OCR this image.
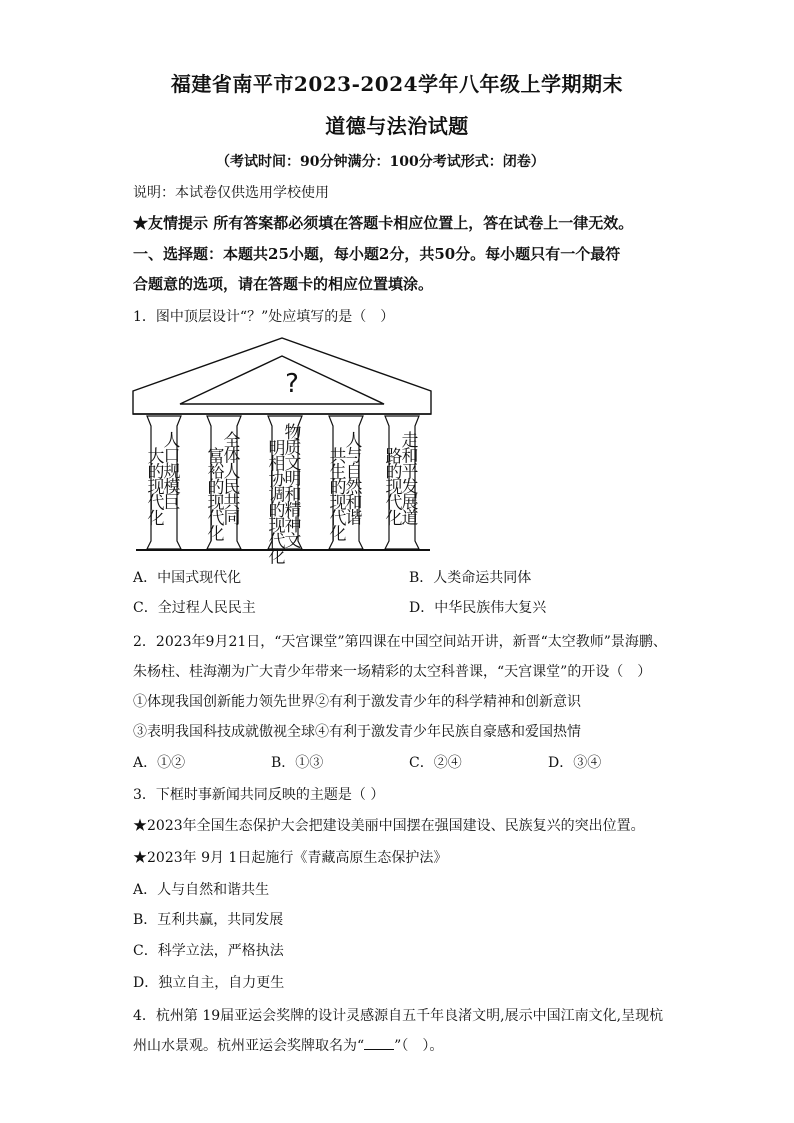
福建省南平市2023-2024学年八年级上学期期末
道德与法治试题
（考试时间：90分钟满分：100分考试形式：闭卷）
说明：本试卷仅供选用学校使用
★友情提示 所有答案都必须填在答题卡相应位置上，答在试卷上一律无效。
一、选择题：本题共25小题，每小题2分，共50分。每小题只有一个最符
合题意的选项，请在答题卡的相应位置填涂。
1．图中顶层设计“？”处应填写的是（　）
?
人口规模巨
大的现代化
全体人民共同
富裕的现代化
物质文明和精神文
明相协调的现代化
人与自然和谐
共生的现代化
走和平发展道
路的现代化
A．中国式现代化	B．人类命运共同体
C．全过程人民民主	D．中华民族伟大复兴
2．2023年9月21日，“天宫课堂”第四课在中国空间站开讲，新晋“太空教师”景海鹏、
朱杨柱、桂海潮为广大青少年带来一场精彩的太空科普课，“天宫课堂”的开设（　）
①体现我国创新能力领先世界②有利于激发青少年的科学精神和创新意识
③表明我国科技成就傲视全球④有利于激发青少年民族自豪感和爱国热情
A．①②	B．①③	C．②④	D．③④
3．下框时事新闻共同反映的主题是（ ）
★2023年全国生态保护大会把建设美丽中国摆在强国建设、民族复兴的突出位置。
★2023年 9月 1日起施行《青藏高原生态保护法》
A．人与自然和谐共生
B．互利共赢，共同发展
C．科学立法，严格执法
D．独立自主，自力更生
4．杭州第 19届亚运会奖牌的设计灵感源自五千年良渚文明,展示中国江南文化,呈现杭
州山水景观。杭州亚运会奖牌取名为“ ”（　）。
